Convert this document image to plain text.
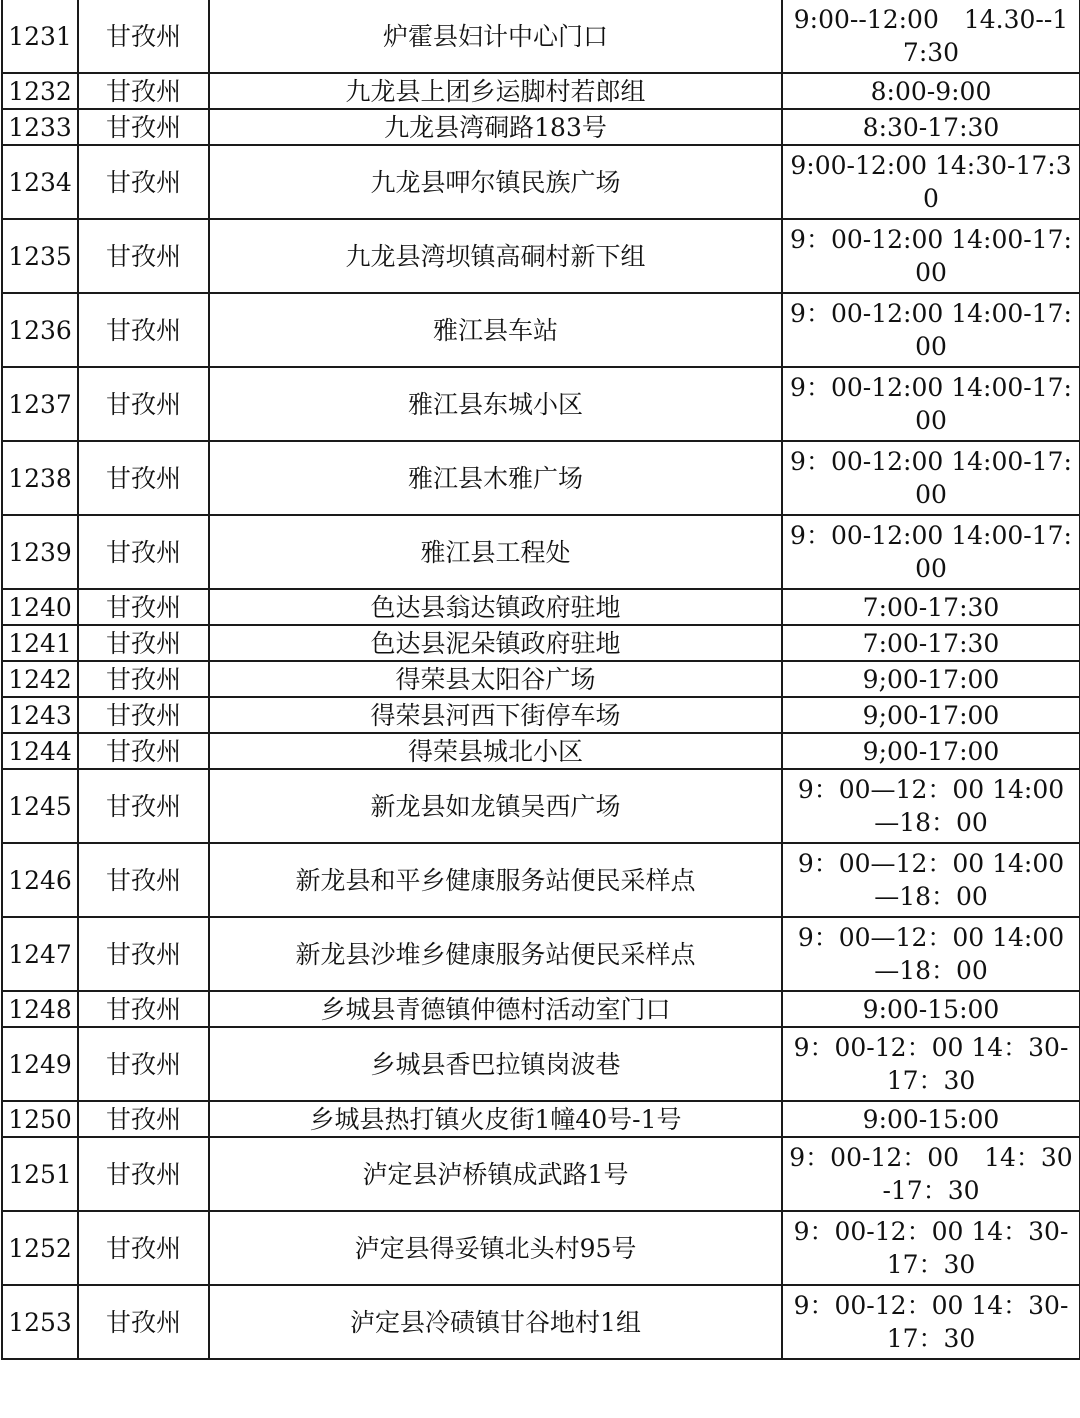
1231	甘孜州	炉霍县妇计中心门口	9:00--12:00　14.30--17:30

1232	甘孜州	九龙县上团乡运脚村若郎组	8:00-9:00

1233	甘孜州	九龙县湾硐路183号	8:30-17:30

1234	甘孜州	九龙县呷尔镇民族广场	9:00-12:00 14:30-17:30

1235	甘孜州	九龙县湾坝镇高硐村新下组	9：00-12:00 14:00-17:00

1236	甘孜州	雅江县车站	9：00-12:00 14:00-17:00

1237	甘孜州	雅江县东城小区	9：00-12:00 14:00-17:00

1238	甘孜州	雅江县木雅广场	9：00-12:00 14:00-17:00

1239	甘孜州	雅江县工程处	9：00-12:00 14:00-17:00

1240	甘孜州	色达县翁达镇政府驻地	7:00-17:30

1241	甘孜州	色达县泥朵镇政府驻地	7:00-17:30

1242	甘孜州	得荣县太阳谷广场	9;00-17:00

1243	甘孜州	得荣县河西下街停车场	9;00-17:00

1244	甘孜州	得荣县城北小区	9;00-17:00

1245	甘孜州	新龙县如龙镇吴西广场	9：00—12：00 14:00—18：00

1246	甘孜州	新龙县和平乡健康服务站便民采样点	9：00—12：00 14:00—18：00

1247	甘孜州	新龙县沙堆乡健康服务站便民采样点	9：00—12：00 14:00—18：00

1248	甘孜州	乡城县青德镇仲德村活动室门口	9:00-15:00

1249	甘孜州	乡城县香巴拉镇岗波巷	9：00-12：00 14：30-17：30

1250	甘孜州	乡城县热打镇火皮街1幢40号-1号	9:00-15:00

1251	甘孜州	泸定县泸桥镇成武路1号	9：00-12：00　14：30-17：30

1252	甘孜州	泸定县得妥镇北头村95号	9：00-12：00 14：30-17：30

1253	甘孜州	泸定县冷碛镇甘谷地村1组	9：00-12：00 14：30-17：30
